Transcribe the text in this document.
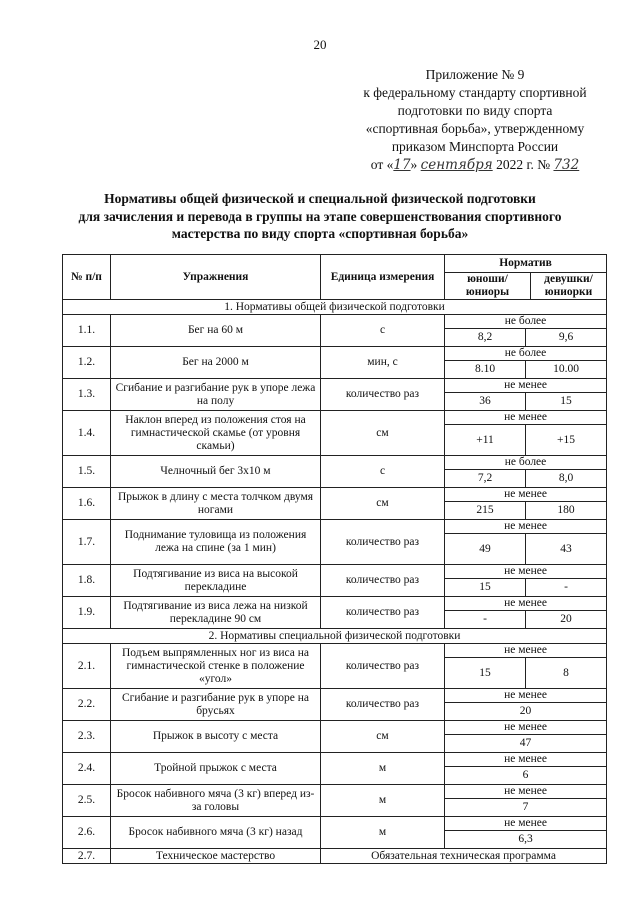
20
Приложение № 9
к федеральному стандарту спортивной
подготовки по виду спорта
«спортивная борьба», утвержденному
приказом Минспорта России
от «17» сентября 2022 г. № 732
Нормативы общей физической и специальной физической подготовки
для зачисления и перевода в группы на этапе совершенствования спортивного
мастерства по виду спорта «спортивная борьба»
№ п/п	Упражнения	Единица измерения	Норматив	
			юноши/ юниоры	девушки/ юниорки
1. Нормативы общей физической подготовки				
1.1.	Бег на 60 м	с	не более
8,2 9,6	

1.2.	Бег на 2000 м	мин, с	не более
8.10 10.00	

1.3.	Сгибание и разгибание рук в упоре лежа на полу	количество раз	не менее
36 15	

1.4.	Наклон вперед из положения стоя на гимнастической скамье (от уровня скамьи)	см	не менее
+11 +15	

1.5.	Челночный бег 3х10 м	с	не более
7,2 8,0	

1.6.	Прыжок в длину с места толчком двумя ногами	см	не менее
215 180	

1.7.	Поднимание туловища из положения лежа на спине (за 1 мин)	количество раз	не менее
49 43	

1.8.	Подтягивание из виса на высокой перекладине	количество раз	не менее
15 -	

1.9.	Подтягивание из виса лежа на низкой перекладине 90 см	количество раз	не менее
- 20	

2. Нормативы специальной физической подготовки				
2.1.	Подъем выпрямленных ног из виса на гимнастической стенке в положение «угол»	количество раз	не менее
15 8	

2.2.	Сгибание и разгибание рук в упоре на брусьях	количество раз	не менее
20	

2.3.	Прыжок в высоту с места	см	не менее
47	

2.4.	Тройной прыжок с места	м	не менее
6	

2.5.	Бросок набивного мяча (3 кг) вперед из-за головы	м	не менее
7	

2.6.	Бросок набивного мяча (3 кг) назад	м	не менее
6,3	

2.7.	Техническое мастерство	Обязательная техническая программа		
